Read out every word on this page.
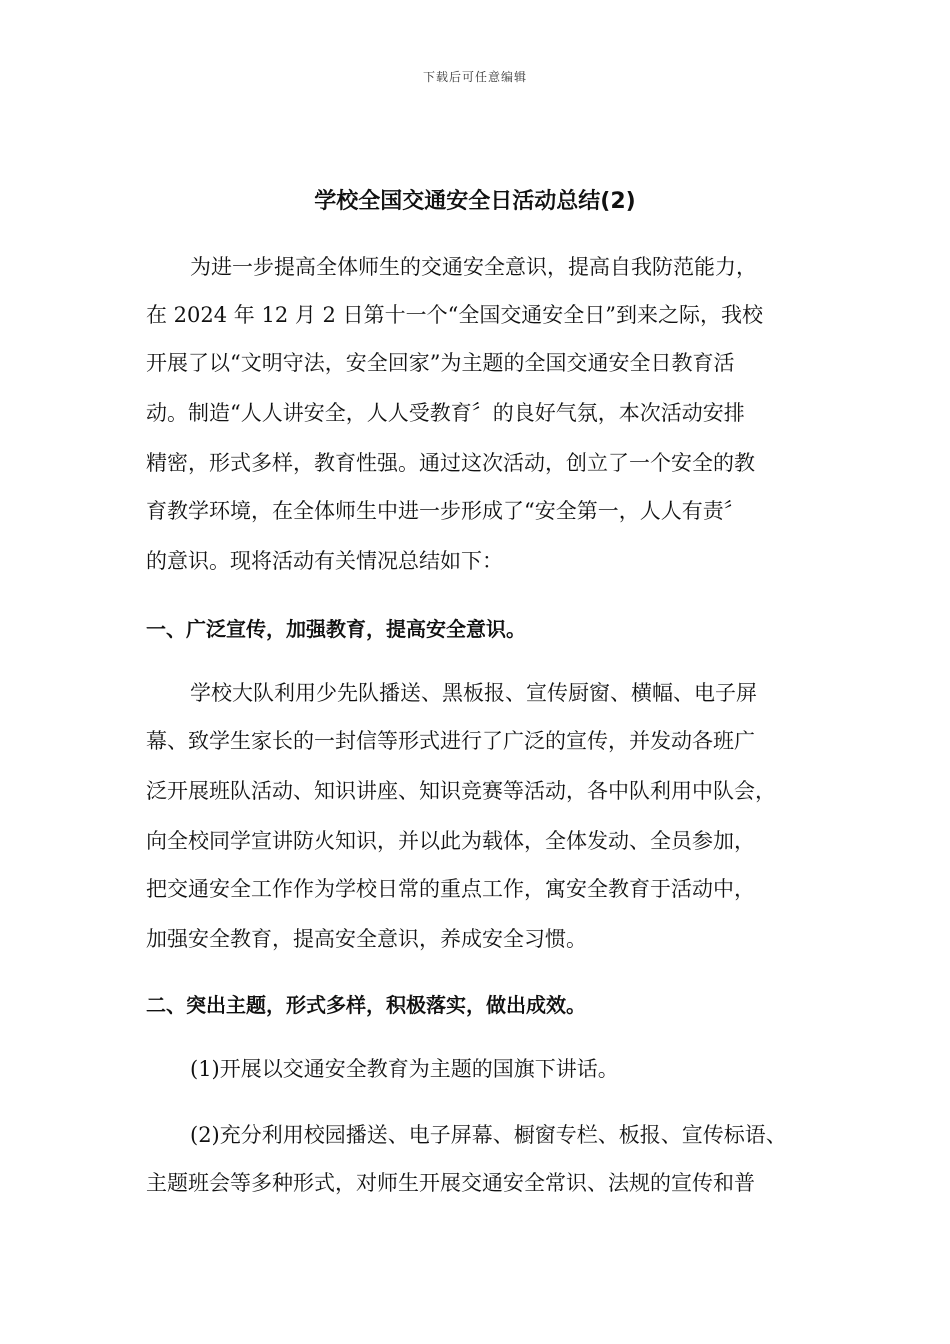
下载后可任意编辑
学校全国交通安全日活动总结(2)
为进一步提高全体师生的交通安全意识，提高自我防范能力，
在 2024 年 12 月 2 日第十一个“全国交通安全日”到来之际，我校
开展了以“文明守法，安全回家”为主题的全国交通安全日教育活
动。制造“人人讲安全，人人受教育〞的良好气氛，本次活动安排
精密，形式多样，教育性强。通过这次活动，创立了一个安全的教
育教学环境，在全体师生中进一步形成了“安全第一，人人有责〞
的意识。现将活动有关情况总结如下：
一、广泛宣传，加强教育，提高安全意识。
学校大队利用少先队播送、黑板报、宣传厨窗、横幅、电子屏
幕、致学生家长的一封信等形式进行了广泛的宣传，并发动各班广
泛开展班队活动、知识讲座、知识竞赛等活动，各中队利用中队会，
向全校同学宣讲防火知识，并以此为载体，全体发动、全员参加，
把交通安全工作作为学校日常的重点工作，寓安全教育于活动中，
加强安全教育，提高安全意识，养成安全习惯。
二、突出主题，形式多样，积极落实，做出成效。
(1)开展以交通安全教育为主题的国旗下讲话。
(2)充分利用校园播送、电子屏幕、橱窗专栏、板报、宣传标语、
主题班会等多种形式，对师生开展交通安全常识、法规的宣传和普
